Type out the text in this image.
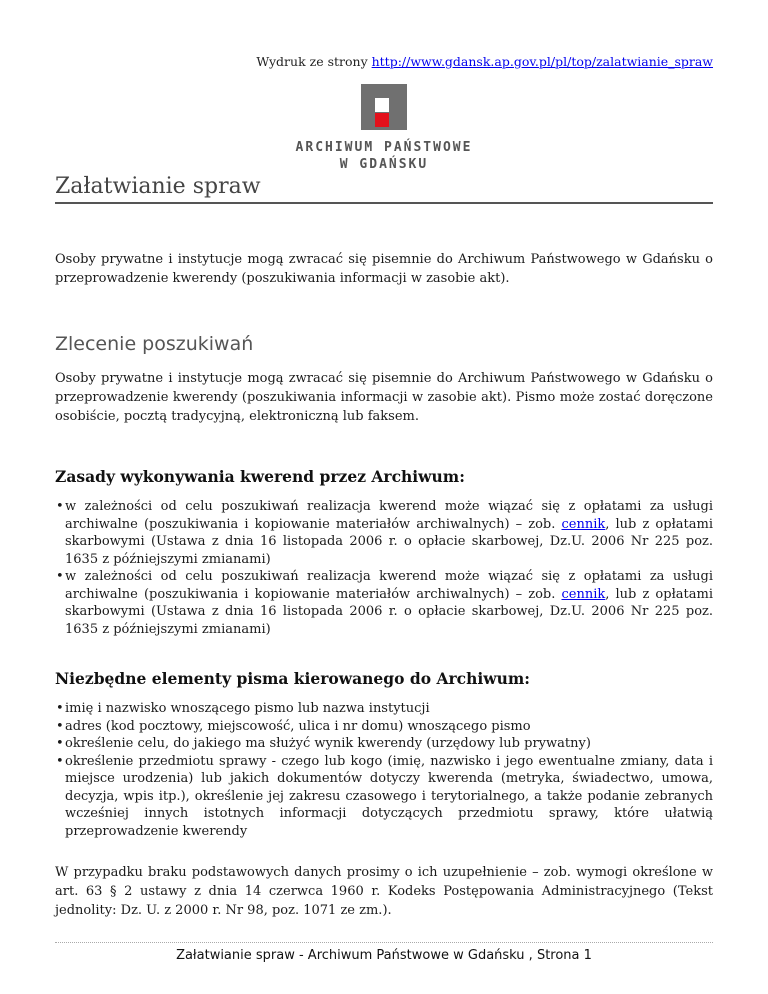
Wydruk ze strony http://www.gdansk.ap.gov.pl/pl/top/zalatwianie_spraw
ARCHIWUM PAŃSTWOWE
W GDAŃSKU
Załatwianie spraw

Osoby prywatne i instytucje mogą zwracać się pisemnie do Archiwum Państwowego w Gdańsku o przeprowadzenie kwerendy (poszukiwania informacji w zasobie akt).

Zlecenie poszukiwań

Osoby prywatne i instytucje mogą zwracać się pisemnie do Archiwum Państwowego w Gdańsku o przeprowadzenie kwerendy (poszukiwania informacji w zasobie akt). Pismo może zostać doręczone osobiście, pocztą tradycyjną, elektroniczną lub faksem.

Zasady wykonywania kwerend przez Archiwum:
• w zależności od celu poszukiwań realizacja kwerend może wiązać się z opłatami za usługi archiwalne (poszukiwania i kopiowanie materiałów archiwalnych) – zob. cennik, lub z opłatami skarbowymi (Ustawa z dnia 16 listopada 2006 r. o opłacie skarbowej, Dz.U. 2006 Nr 225 poz. 1635 z późniejszymi zmianami)
• w zależności od celu poszukiwań realizacja kwerend może wiązać się z opłatami za usługi archiwalne (poszukiwania i kopiowanie materiałów archiwalnych) – zob. cennik, lub z opłatami skarbowymi (Ustawa z dnia 16 listopada 2006 r. o opłacie skarbowej, Dz.U. 2006 Nr 225 poz. 1635 z późniejszymi zmianami)
Niezbędne elementy pisma kierowanego do Archiwum:
• imię i nazwisko wnoszącego pismo lub nazwa instytucji
• adres (kod pocztowy, miejscowość, ulica i nr domu) wnoszącego pismo
• określenie celu, do jakiego ma służyć wynik kwerendy (urzędowy lub prywatny)
• określenie przedmiotu sprawy - czego lub kogo (imię, nazwisko i jego ewentualne zmiany, data i miejsce urodzenia) lub jakich dokumentów dotyczy kwerenda (metryka, świadectwo, umowa, decyzja, wpis itp.), określenie jej zakresu czasowego i terytorialnego, a także podanie zebranych wcześniej innych istotnych informacji dotyczących przedmiotu sprawy, które ułatwią przeprowadzenie kwerendy

W przypadku braku podstawowych danych prosimy o ich uzupełnienie – zob. wymogi określone w art. 63 § 2 ustawy z dnia 14 czerwca 1960 r. Kodeks Postępowania Administracyjnego (Tekst jednolity: Dz. U. z 2000 r. Nr 98, poz. 1071 ze zm.).

Załatwianie spraw - Archiwum Państwowe w Gdańsku , Strona 1
